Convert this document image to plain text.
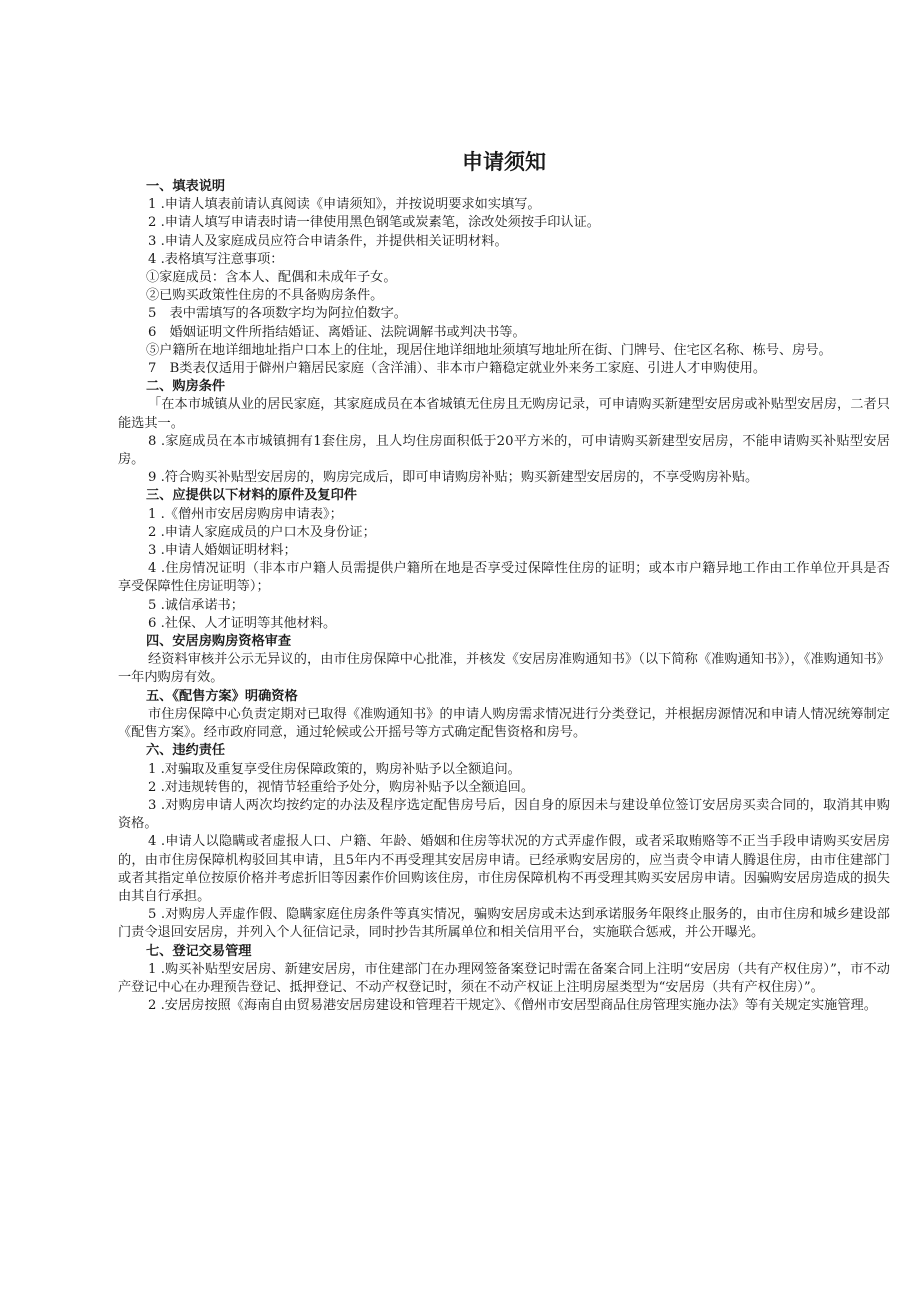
申请须知
一、填表说明
1 .申请人填表前请认真阅读《申请须知》，并按说明要求如实填写。
2 .申请人填写申请表时请一律使用黑色钢笔或炭素笔，涂改处须按手印认证。
3 .申请人及家庭成员应符合申请条件，并提供相关证明材料。
4 .表格填写注意事项：
①家庭成员：含本人、配偶和未成年子女。
②已购买政策性住房的不具备购房条件。
5　表中需填写的各项数字均为阿拉伯数字。
6　婚姻证明文件所指结婚证、离婚证、法院调解书或判决书等。
⑤户籍所在地详细地址指户口本上的住址，现居住地详细地址须填写地址所在街、门牌号、住宅区名称、栋号、房号。
7　B类表仅适用于僻州户籍居民家庭（含洋浦）、非本市户籍稳定就业外来务工家庭、引进人才申购使用。
二、购房条件
「在本市城镇从业的居民家庭，其家庭成员在本省城镇无住房且无购房记录，可申请购买新建型安居房或补贴型安居房，二者只能选其一。
8 .家庭成员在本市城镇拥有1套住房，且人均住房面积低于20平方米的，可申请购买新建型安居房，不能申请购买补贴型安居房。
9 .符合购买补贴型安居房的，购房完成后，即可申请购房补贴；购买新建型安居房的，不享受购房补贴。
三、应提供以下材料的原件及复印件
1 .《僧州市安居房购房申请表》；
2 .申请人家庭成员的户口木及身份证；
3 .申请人婚姻证明材料；
4 .住房情况证明（非本市户籍人员需提供户籍所在地是否享受过保障性住房的证明；或本市户籍异地工作由工作单位开具是否享受保障性住房证明等）；
5 .诚信承诺书；
6 .社保、人才证明等其他材料。
四、安居房购房资格审查
经资料审核并公示无异议的，由市住房保障中心批准，并核发《安居房准购通知书》（以下简称《准购通知书》），《准购通知书》一年内购房有效。
五、《配售方案》明确资格
市住房保障中心负责定期对已取得《准购通知书》的申请人购房需求情况进行分类登记，并根据房源情况和申请人情况统筹制定《配售方案》。经市政府同意，通过轮候或公开摇号等方式确定配售资格和房号。
六、违约责任
1 .对骗取及重复享受住房保障政策的，购房补贴予以全额追问。
2 .对违规转售的，视情节轻重给予处分，购房补贴予以全额追回。
3 .对购房申请人两次均按约定的办法及程序选定配售房号后，因自身的原因未与建设单位签订安居房买卖合同的，取消其申购资格。
4 .申请人以隐瞒或者虚报人口、户籍、年龄、婚姻和住房等状况的方式弄虚作假，或者采取贿赂等不正当手段申请购买安居房的，由市住房保障机构驳回其申请，且5年内不再受理其安居房申请。已经承购安居房的，应当责令申请人腾退住房，由市住建部门或者其指定单位按原价格并考虑折旧等因素作价回购该住房，市住房保障机构不再受理其购买安居房申请。因骗购安居房造成的损失由其自行承担。
5 .对购房人弄虚作假、隐瞒家庭住房条件等真实情况，骗购安居房或未达到承诺服务年限终止服务的，由市住房和城乡建设部门责令退回安居房，并列入个人征信记录，同时抄告其所属单位和相关信用平台，实施联合惩戒，并公开曝光。
七、登记交易管理
1 .购买补贴型安居房、新建安居房，市住建部门在办理网签备案登记时需在备案合同上注明“安居房（共有产权住房）”，市不动产登记中心在办理预告登记、抵押登记、不动产权登记时，须在不动产权证上注明房屋类型为“安居房（共有产权住房）”。
2 .安居房按照《海南自由贸易港安居房建设和管理若干规定》、《僧州市安居型商品住房管理实施办法》等有关规定实施管理。
